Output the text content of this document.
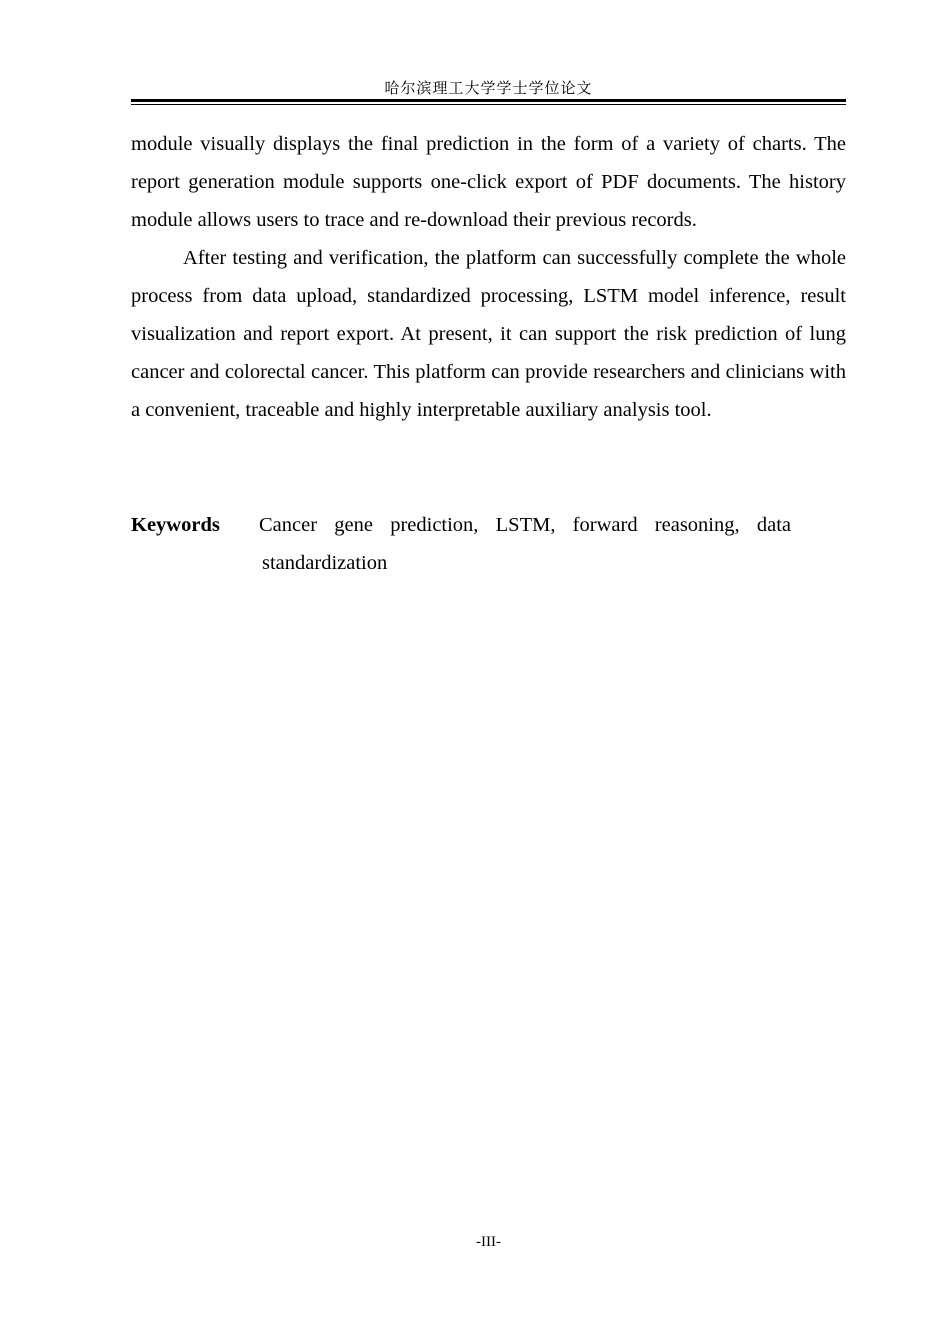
哈尔滨理工大学学士学位论文

module visually displays the final prediction in the form of a variety of charts. The report generation module supports one-click export of PDF documents. The history module allows users to trace and re-download their previous records.

After testing and verification, the platform can successfully complete the whole process from data upload, standardized processing, LSTM model inference, result visualization and report export. At present, it can support the risk prediction of lung cancer and colorectal cancer. This platform can provide researchers and clinicians with a convenient, traceable and highly interpretable auxiliary analysis tool.

Keywords Cancer gene prediction, LSTM, forward reasoning, data
standardization
-III-
